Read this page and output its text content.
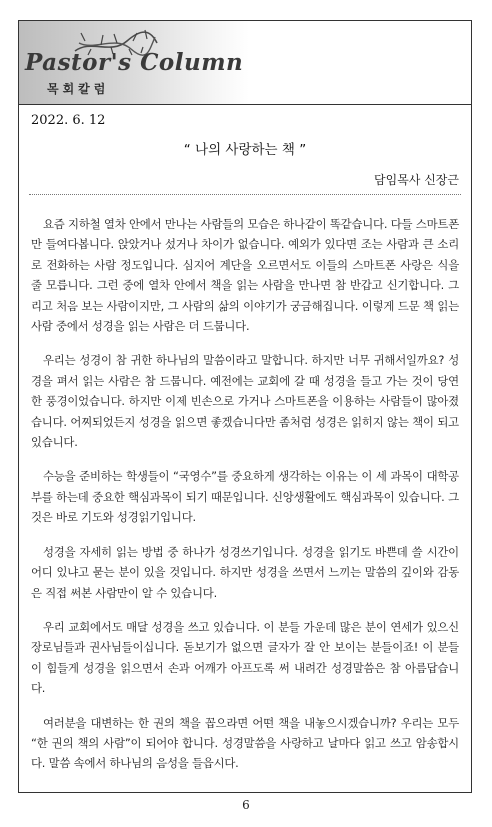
Pastor's Column
목회칼럼
2022. 6. 12
“ 나의 사랑하는 책 ”
담임목사 신장근

요즘 지하철 열차 안에서 만나는 사람들의 모습은 하나같이 똑같습니다. 다들 스마트폰만 들여다봅니다. 앉았거나 섰거나 차이가 없습니다. 예외가 있다면 조는 사람과 큰 소리로 전화하는 사람 정도입니다. 심지어 계단을 오르면서도 이들의 스마트폰 사랑은 식을 줄 모릅니다. 그런 중에 열차 안에서 책을 읽는 사람을 만나면 참 반갑고 신기합니다. 그리고 처음 보는 사람이지만, 그 사람의 삶의 이야기가 궁금해집니다. 이렇게 드문 책 읽는 사람 중에서 성경을 읽는 사람은 더 드뭅니다.

우리는 성경이 참 귀한 하나님의 말씀이라고 말합니다. 하지만 너무 귀해서일까요? 성경을 펴서 읽는 사람은 참 드뭅니다. 예전에는 교회에 갈 때 성경을 들고 가는 것이 당연한 풍경이었습니다. 하지만 이제 빈손으로 가거나 스마트폰을 이용하는 사람들이 많아졌습니다. 어찌되었든지 성경을 읽으면 좋겠습니다만 좀처럼 성경은 읽히지 않는 책이 되고 있습니다.

수능을 준비하는 학생들이 “국영수”를 중요하게 생각하는 이유는 이 세 과목이 대학공부를 하는데 중요한 핵심과목이 되기 때문입니다. 신앙생활에도 핵심과목이 있습니다. 그것은 바로 기도와 성경읽기입니다.

성경을 자세히 읽는 방법 중 하나가 성경쓰기입니다. 성경을 읽기도 바쁜데 쓸 시간이 어디 있냐고 묻는 분이 있을 것입니다. 하지만 성경을 쓰면서 느끼는 말씀의 깊이와 감동은 직접 써본 사람만이 알 수 있습니다.

우리 교회에서도 매달 성경을 쓰고 있습니다. 이 분들 가운데 많은 분이 연세가 있으신 장로님들과 권사님들이십니다. 돋보기가 없으면 글자가 잘 안 보이는 분들이죠! 이 분들이 힘들게 성경을 읽으면서 손과 어깨가 아프도록 써 내려간 성경말씀은 참 아름답습니다.

여러분을 대변하는 한 권의 책을 꼽으라면 어떤 책을 내놓으시겠습니까? 우리는 모두 “한 권의 책의 사람”이 되어야 합니다. 성경말씀을 사랑하고 날마다 읽고 쓰고 암송합시다. 말씀 속에서 하나님의 음성을 들읍시다.

6
